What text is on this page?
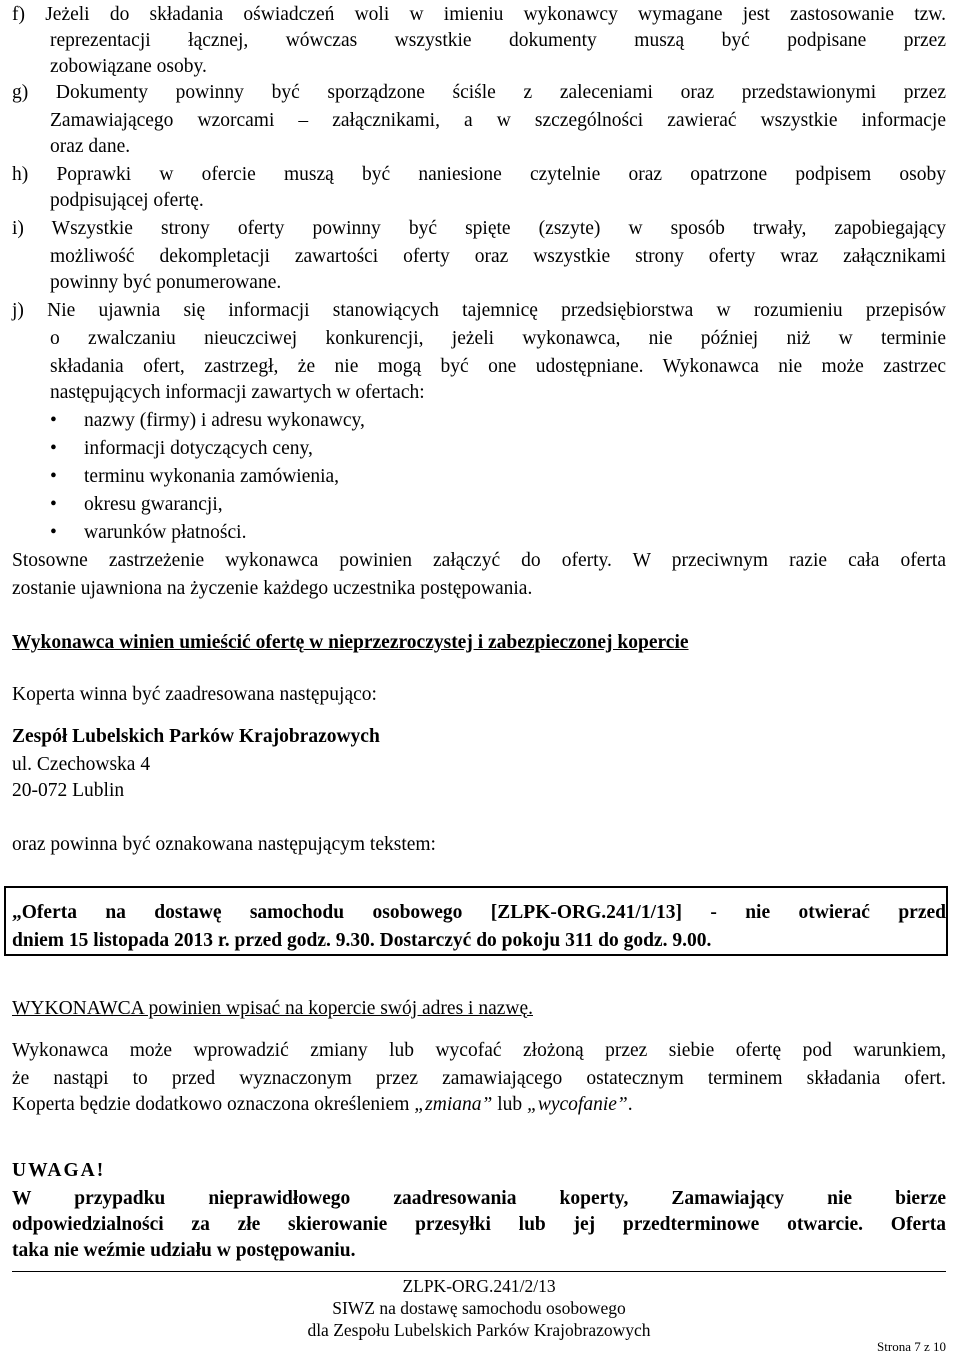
f) Jeżeli do składania oświadczeń woli w imieniu wykonawcy wymagane jest zastosowanie tzw.
reprezentacji łącznej, wówczas wszystkie dokumenty muszą być podpisane przez
zobowiązane osoby.
g) Dokumenty powinny być sporządzone ściśle z zaleceniami oraz przedstawionymi przez
Zamawiającego wzorcami – załącznikami, a w szczególności zawierać wszystkie informacje
oraz dane.
h) Poprawki w ofercie muszą być naniesione czytelnie oraz opatrzone podpisem osoby
podpisującej ofertę.
i) Wszystkie strony oferty powinny być spięte (zszyte) w sposób trwały, zapobiegający
możliwość dekompletacji zawartości oferty oraz wszystkie strony oferty wraz załącznikami
powinny być ponumerowane.
j) Nie ujawnia się informacji stanowiących tajemnicę przedsiębiorstwa w rozumieniu przepisów
o zwalczaniu nieuczciwej konkurencji, jeżeli wykonawca, nie później niż w terminie
składania ofert, zastrzegł, że nie mogą być one udostępniane. Wykonawca nie może zastrzec
następujących informacji zawartych w ofertach:
•	nazwy (firmy) i adresu wykonawcy,
•	informacji dotyczących ceny,
•	terminu wykonania zamówienia,
•	okresu gwarancji,
•	warunków płatności.
Stosowne zastrzeżenie wykonawca powinien załączyć do oferty. W przeciwnym razie cała oferta
zostanie ujawniona na życzenie każdego uczestnika postępowania.
Wykonawca winien umieścić ofertę w nieprzezroczystej i zabezpieczonej kopercie
Koperta winna być zaadresowana następująco:
Zespół Lubelskich Parków Krajobrazowych
ul. Czechowska 4
20-072 Lublin
oraz powinna być oznakowana następującym tekstem:
„Oferta na dostawę samochodu osobowego [ZLPK-ORG.241/1/13] - nie otwierać przed
dniem 15 listopada 2013 r. przed godz. 9.30. Dostarczyć do pokoju 311 do godz. 9.00.
WYKONAWCA powinien wpisać na kopercie swój adres i nazwę.
Wykonawca może wprowadzić zmiany lub wycofać złożoną przez siebie ofertę pod warunkiem,
że nastąpi to przed wyznaczonym przez zamawiającego ostatecznym terminem składania ofert.
Koperta będzie dodatkowo oznaczona określeniem „zmiana” lub „wycofanie”.
UWAGA!
W przypadku nieprawidłowego zaadresowania koperty, Zamawiający nie bierze
odpowiedzialności za złe skierowanie przesyłki lub jej przedterminowe otwarcie. Oferta
taka nie weźmie udziału w postępowaniu.
ZLPK-ORG.241/2/13
SIWZ na dostawę samochodu osobowego
dla Zespołu Lubelskich Parków Krajobrazowych
Strona 7 z 10
